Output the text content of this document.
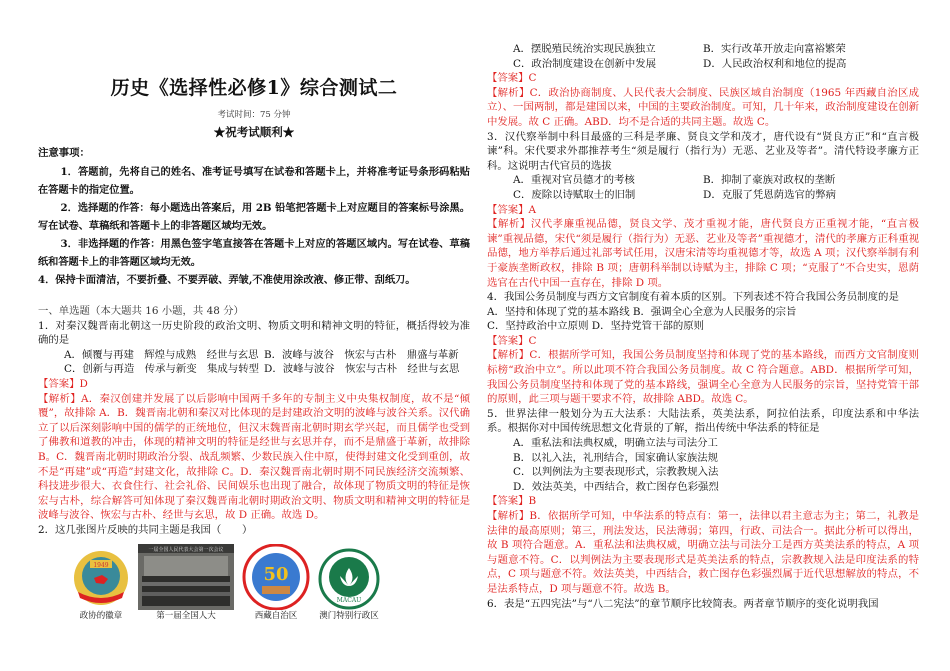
历史《选择性必修1》综合测试二
考试时间：75 分钟
★祝考试顺利★
注意事项：
1．答题前，先将自己的姓名、准考证号填写在试卷和答题卡上，并将准考证号条形码粘贴在答题卡的指定位置。
2．选择题的作答：每小题选出答案后，用 2B 铅笔把答题卡上对应题目的答案标号涂黑。写在试卷、草稿纸和答题卡上的非答题区域均无效。
3．非选择题的作答：用黑色签字笔直接答在答题卡上对应的答题区域内。写在试卷、草稿纸和答题卡上的非答题区域均无效。
4．保持卡面清洁，不要折叠、不要弄破、弄皱,不准使用涂改液、修正带、刮纸刀。
一、单选题（本大题共 16 小题，共 48 分）
1．对秦汉魏晋南北朝这一历史阶段的政治文明、物质文明和精神文明的特征，概括得较为准确的是
A．倾覆与再建　辉煌与成熟　经世与玄思 B．波峰与波谷　恢宏与古朴　鼎盛与革新
C．创新与再造　传承与新变　集成与转型 D．波峰与波谷　恢宏与古朴　经世与玄思
【答案】D
【解析】A．秦汉创建并发展了以后影响中国两千多年的专制主义中央集权制度，故不是“倾覆”，故排除 A．B．魏晋南北朝和秦汉对比体现的是封建政治文明的波峰与波谷关系。汉代确立了以后深刻影响中国的儒学的正统地位，但汉末魏晋南北朝时期玄学兴起，而且儒学也受到了佛教和道教的冲击，体现的精神文明的特征是经世与玄思并存，而不是鼎盛于革新，故排除 B。C．魏晋南北朝时期政治分裂、战乱频繁、少数民族入住中原，使得封建文化受到重创，故不是“再建”或“再造”封建文化，故排除 C。D．秦汉魏晋南北朝时期不同民族经济交流频繁、科技进步很大、衣食住行、社会礼俗、民间娱乐也出现了融合，故体现了物质文明的特征是恢宏与古朴，综合解答可知体现了秦汉魏晋南北朝时期政治文明、物质文明和精神文明的特征是波峰与波谷、恢宏与古朴、经世与玄思，故 D 正确。故选 D。
2．这几张图片反映的共同主题是我国（　　）
1949
政协的徽章
一届全国人民代表大会第一次会议
第一届全国人大
50
西藏自治区
MACAU
澳门特别行政区
A．摆脱殖民统治实现民族独立	B．实行改革开放走向富裕繁荣
C．政治制度建设在创新中发展	D．人民政治权利和地位的提高
【答案】C
【解析】C．政治协商制度、人民代表大会制度、民族区域自治制度（1965 年西藏自治区成立）、一国两制，都是建国以来，中国的主要政治制度。可知，几十年来，政治制度建设在创新中发展。故 C 正确。ABD．均不是合适的共同主题。故选 C。
3．汉代察举制中科目最盛的三科是孝廉、贤良文学和茂才，唐代设有“贤良方正”和“直言极谏”科。宋代要求外郡推荐考生“须是履行（指行为）无恶、艺业及等者”。清代特设孝廉方正科。这说明古代官员的选拔
A．重视对官员德才的考核	B．抑制了豪族对政权的垄断
C．废除以诗赋取士的旧制	D．克服了凭恩荫选官的弊病
【答案】A
【解析】汉代孝廉重视品德，贤良文学、茂才重视才能，唐代贤良方正重视才能，“直言极谏”重视品德，宋代“须是履行（指行为）无恶、艺业及等者”重视德才，清代的孝廉方正科重视品德，地方举荐后通过礼部考试任用，汉唐宋清等均重视德才等，故选 A 项；汉代察举制有利于豪族垄断政权，排除 B 项；唐朝科举制以诗赋为主，排除 C 项；“克服了”不合史实，恩荫选官在古代中国一直存在，排除 D 项。
4．我国公务员制度与西方文官制度有着本质的区别。下列表述不符合我国公务员制度的是
A．坚持和体现了党的基本路线 B．强调全心全意为人民服务的宗旨
C．坚持政治中立原则 D．坚持党管干部的原则
【答案】C
【解析】C．根据所学可知，我国公务员制度坚持和体现了党的基本路线，而西方文官制度则标榜“政治中立”。所以此项不符合我国公务员制度。故 C 符合题意。ABD．根据所学可知，我国公务员制度坚持和体现了党的基本路线，强调全心全意为人民服务的宗旨，坚持党管干部的原则，此三项与题干要求不符，故排除 ABD。故选 C。
5．世界法律一般划分为五大法系：大陆法系，英美法系，阿拉伯法系，印度法系和中华法系。根据你对中国传统思想文化背景的了解，指出传统中华法系的特征是
A．重私法和法典权威，明确立法与司法分工
B．以礼入法，礼刑结合，国家确认家族法规
C．以判例法为主要表现形式，宗教教规入法
D．效法英美，中西结合，救亡图存色彩强烈
【答案】B
【解析】B．依据所学可知，中华法系的特点有：第一，法律以君主意志为主；第二，礼教是法律的最高原则；第三，刑法发达，民法薄弱；第四，行政、司法合一。据此分析可以得出，故 B 项符合题意。A．重私法和法典权威，明确立法与司法分工是西方英美法系的特点，A 项与题意不符。C．以判例法为主要表现形式是英美法系的特点，宗教教规入法是印度法系的特点，C 项与题意不符。效法英美，中西结合，救亡图存色彩强烈属于近代思想解放的特点，不是法系特点，D 项与题意不符。故选 B。
6．表是“五四宪法”与“八二宪法”的章节顺序比较简表。两者章节顺序的变化说明我国
